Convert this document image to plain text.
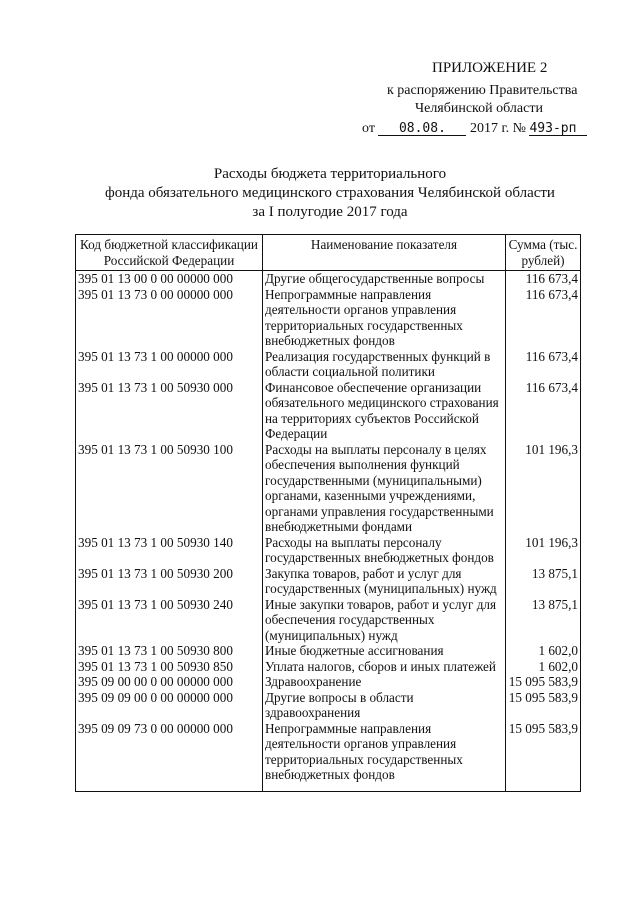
ПРИЛОЖЕНИЕ 2
к распоряжению Правительства
Челябинской области
от 08.08. 2017 г. № 493-рп
Расходы бюджета территориального
фонда обязательного медицинского страхования Челябинской области
за I полугодие 2017 года
Код бюджетной классификации Российской Федерации	Наименование показателя	Сумма (тыс. рублей)
395 01 13 00 0 00 00000 000	Другие общегосударственные вопросы	116 673,4
395 01 13 73 0 00 00000 000	Непрограммные направления деятельности органов управления территориальных государственных внебюджетных фондов	116 673,4
395 01 13 73 1 00 00000 000	Реализация государственных функций в области социальной политики	116 673,4
395 01 13 73 1 00 50930 000	Финансовое обеспечение организации обязательного медицинского страхования на территориях субъектов Российской Федерации	116 673,4
395 01 13 73 1 00 50930 100	Расходы на выплаты персоналу в целях обеспечения выполнения функций государственными (муниципальными) органами, казенными учреждениями, органами управления государственными внебюджетными фондами	101 196,3
395 01 13 73 1 00 50930 140	Расходы на выплаты персоналу государственных внебюджетных фондов	101 196,3
395 01 13 73 1 00 50930 200	Закупка товаров, работ и услуг для государственных (муниципальных) нужд	13 875,1
395 01 13 73 1 00 50930 240	Иные закупки товаров, работ и услуг для обеспечения государственных (муниципальных) нужд	13 875,1
395 01 13 73 1 00 50930 800	Иные бюджетные ассигнования	1 602,0
395 01 13 73 1 00 50930 850	Уплата налогов, сборов и иных платежей	1 602,0
395 09 00 00 0 00 00000 000	Здравоохранение	15 095 583,9
395 09 09 00 0 00 00000 000	Другие вопросы в области здравоохранения	15 095 583,9
395 09 09 73 0 00 00000 000	Непрограммные направления деятельности органов управления территориальных государственных внебюджетных фондов	15 095 583,9
